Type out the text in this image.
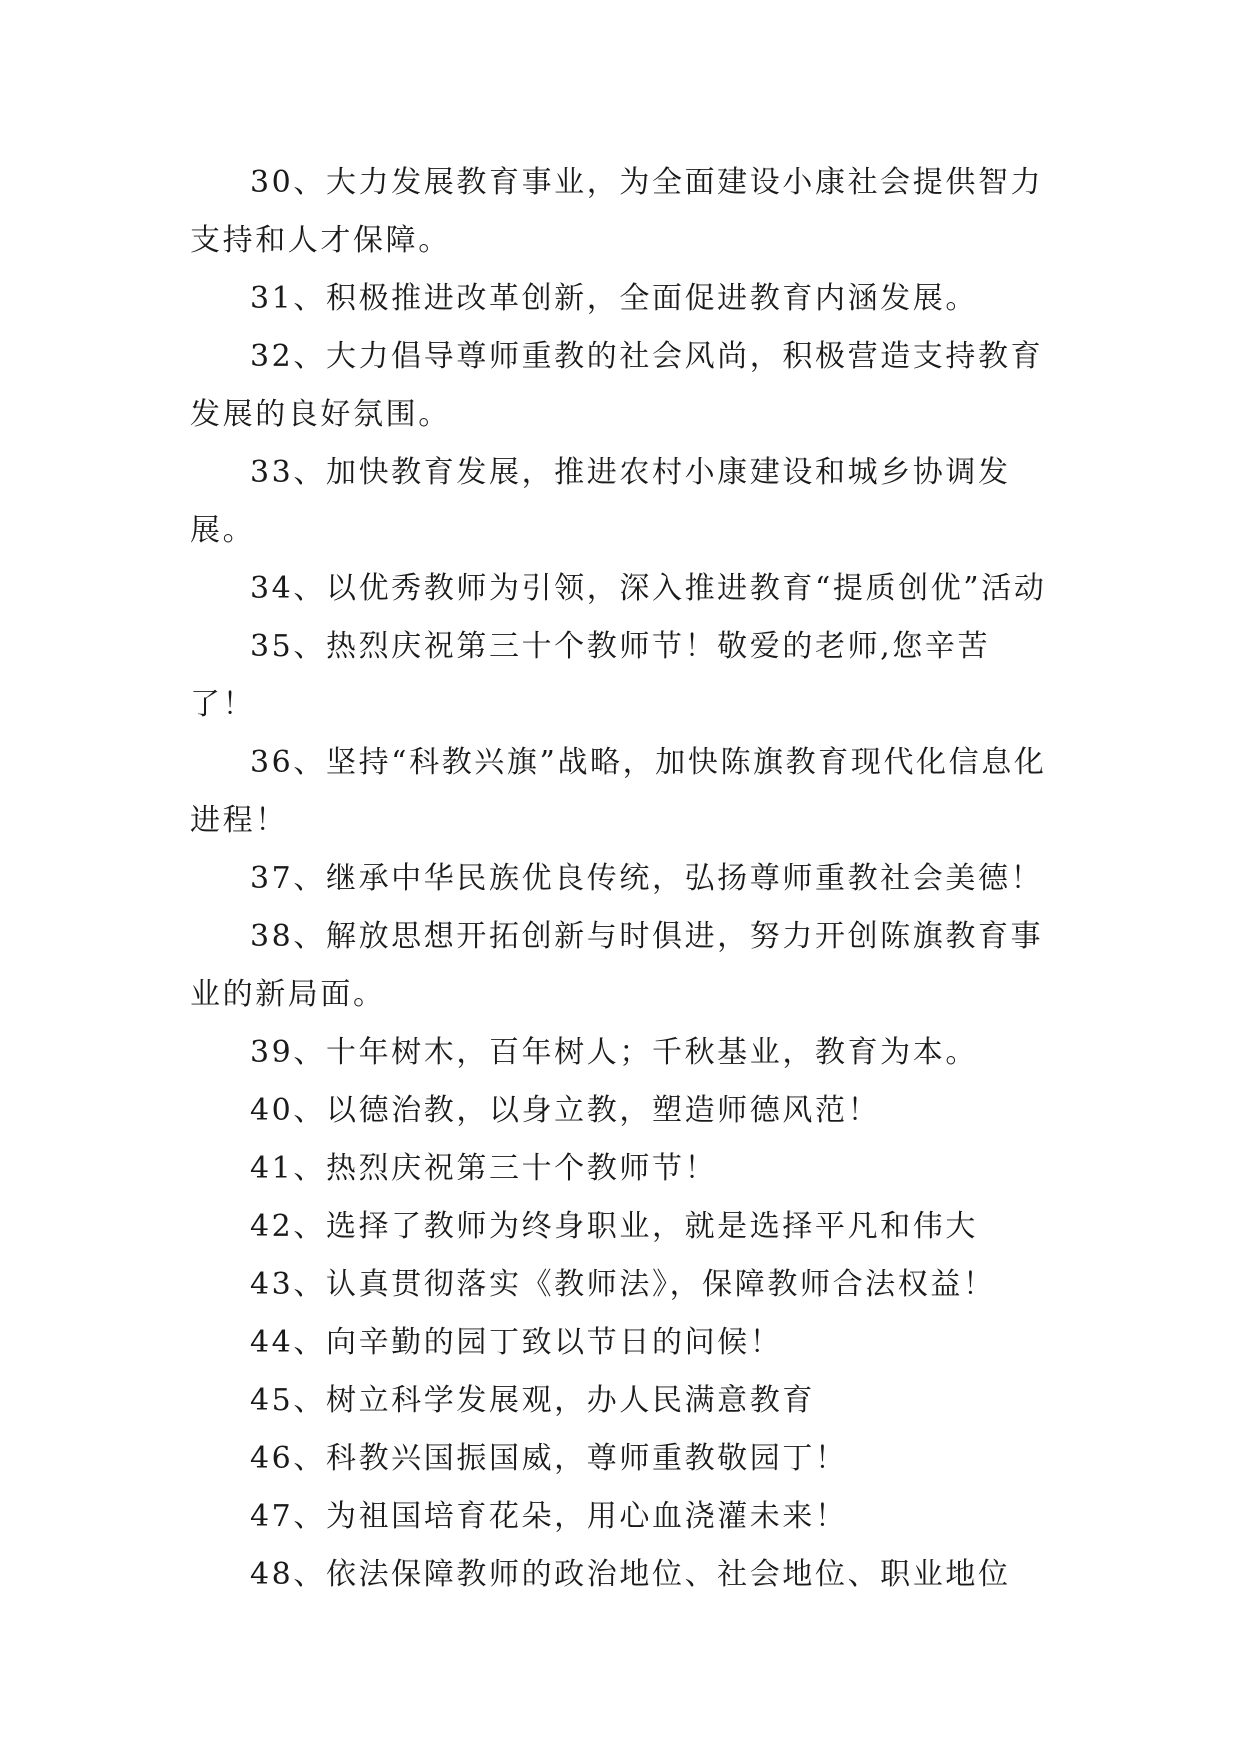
30、大力发展教育事业，为全面建设小康社会提供智力支持和人才保障。

31、积极推进改革创新，全面促进教育内涵发展。

32、大力倡导尊师重教的社会风尚，积极营造支持教育发展的良好氛围。

33、加快教育发展，推进农村小康建设和城乡协调发展。

34、以优秀教师为引领，深入推进教育“提质创优”活动

35、热烈庆祝第三十个教师节！敬爱的老师,您辛苦了！

36、坚持“科教兴旗”战略，加快陈旗教育现代化信息化进程！

37、继承中华民族优良传统，弘扬尊师重教社会美德！

38、解放思想开拓创新与时俱进，努力开创陈旗教育事业的新局面。

39、十年树木，百年树人；千秋基业，教育为本。

40、以德治教，以身立教，塑造师德风范！

41、热烈庆祝第三十个教师节！

42、选择了教师为终身职业，就是选择平凡和伟大

43、认真贯彻落实《教师法》，保障教师合法权益！

44、向辛勤的园丁致以节日的问候！

45、树立科学发展观，办人民满意教育

46、科教兴国振国威，尊师重教敬园丁！

47、为祖国培育花朵，用心血浇灌未来！

48、依法保障教师的政治地位、社会地位、职业地位
